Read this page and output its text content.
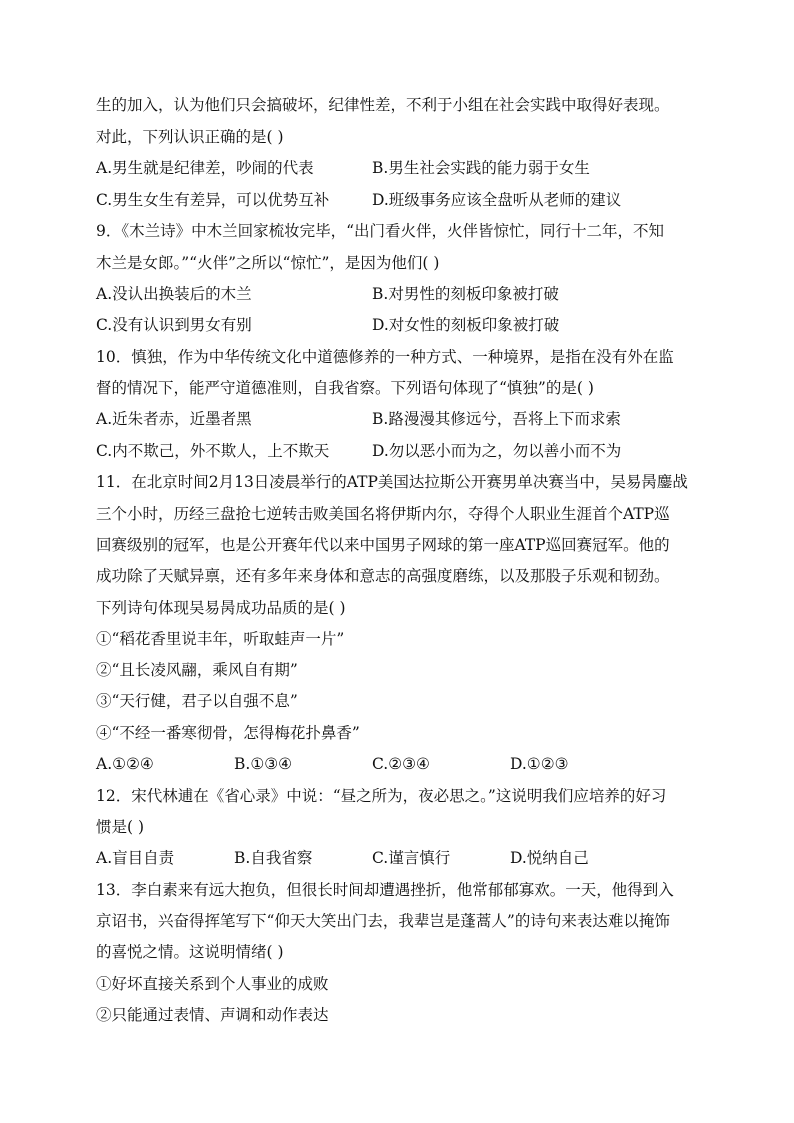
生的加入，认为他们只会搞破坏，纪律性差，不利于小组在社会实践中取得好表现。
对此，下列认识正确的是( )
A.男生就是纪律差，吵闹的代表	B.男生社会实践的能力弱于女生
C.男生女生有差异，可以优势互补	D.班级事务应该全盘听从老师的建议
9．《木兰诗》中木兰回家梳妆完毕，“出门看火伴，火伴皆惊忙，同行十二年，不知
木兰是女郎。”“火伴”之所以“惊忙”，是因为他们( )
A.没认出换装后的木兰	B.对男性的刻板印象被打破
C.没有认识到男女有别	D.对女性的刻板印象被打破
10．慎独，作为中华传统文化中道德修养的一种方式、一种境界，是指在没有外在监
督的情况下，能严守道德准则，自我省察。下列语句体现了“慎独”的是( )
A.近朱者赤，近墨者黑	B.路漫漫其修远兮，吾将上下而求索
C.内不欺己，外不欺人，上不欺天	D.勿以恶小而为之，勿以善小而不为
11．在北京时间2月13日凌晨举行的ATP美国达拉斯公开赛男单决赛当中，吴易昺鏖战
三个小时，历经三盘抢七逆转击败美国名将伊斯内尔，夺得个人职业生涯首个ATP巡
回赛级别的冠军，也是公开赛年代以来中国男子网球的第一座ATP巡回赛冠军。他的
成功除了天赋异禀，还有多年来身体和意志的高强度磨练，以及那股子乐观和韧劲。
下列诗句体现吴易昺成功品质的是( )
①“稻花香里说丰年，听取蛙声一片”
②“且长凌风翮，乘风自有期”
③“天行健，君子以自强不息”
④“不经一番寒彻骨，怎得梅花扑鼻香”
A.①②④	B.①③④	C.②③④	D.①②③
12．宋代林逋在《省心录》中说：“昼之所为，夜必思之。”这说明我们应培养的好习
惯是( )
A.盲目自责	B.自我省察	C.谨言慎行	D.悦纳自己
13．李白素来有远大抱负，但很长时间却遭遇挫折，他常郁郁寡欢。一天，他得到入
京诏书，兴奋得挥笔写下“仰天大笑出门去，我辈岂是蓬蒿人”的诗句来表达难以掩饰
的喜悦之情。这说明情绪( )
①好坏直接关系到个人事业的成败
②只能通过表情、声调和动作表达
